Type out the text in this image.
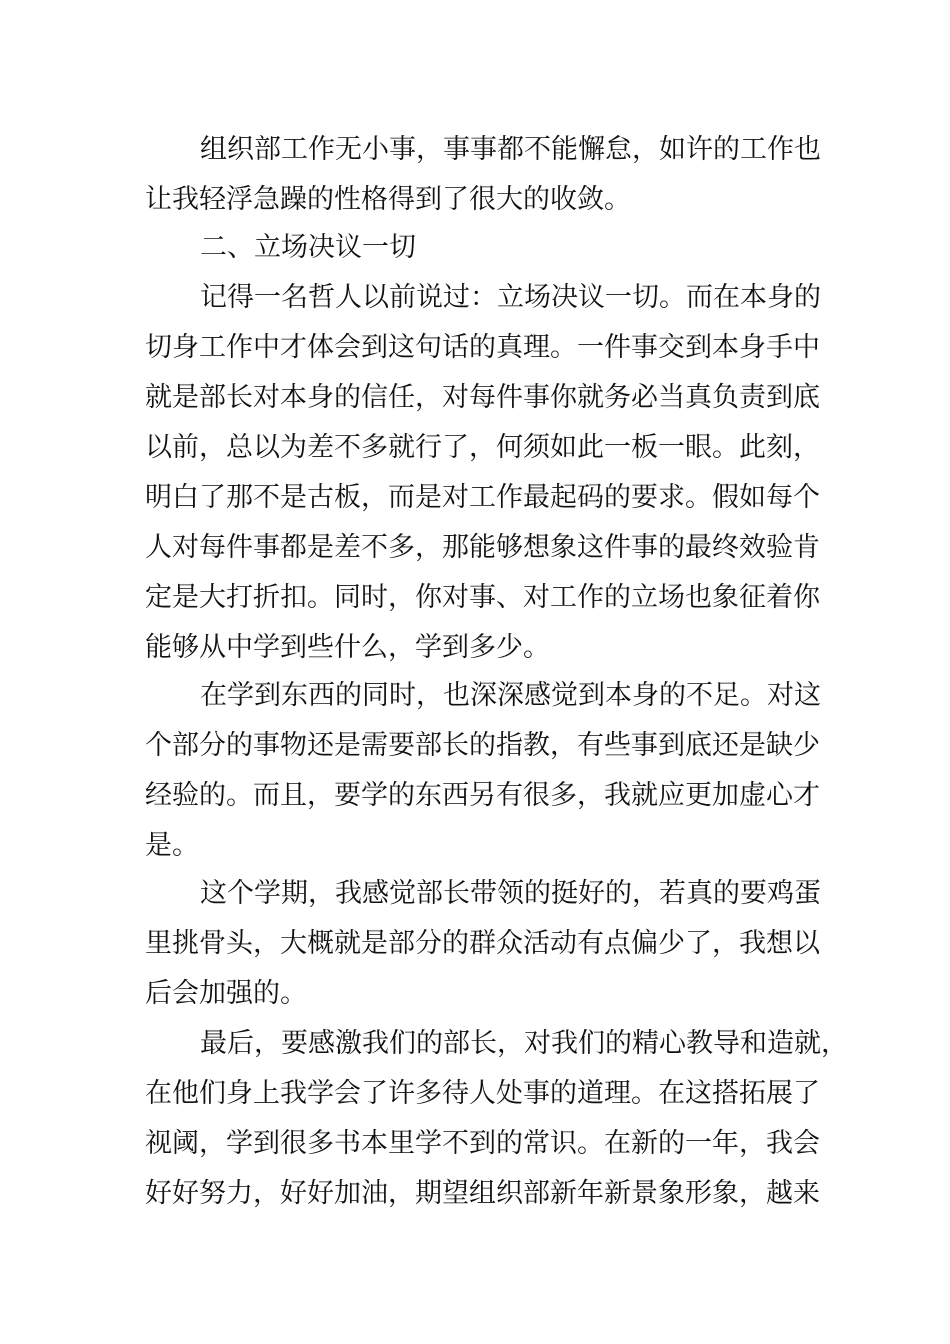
组织部工作无小事，事事都不能懈怠，如许的工作也

让我轻浮急躁的性格得到了很大的收敛。

二、立场决议一切

记得一名哲人以前说过：立场决议一切。而在本身的

切身工作中才体会到这句话的真理。一件事交到本身手中

就是部长对本身的信任，对每件事你就务必当真负责到底

以前，总以为差不多就行了，何须如此一板一眼。此刻，

明白了那不是古板，而是对工作最起码的要求。假如每个

人对每件事都是差不多，那能够想象这件事的最终效验肯

定是大打折扣。同时，你对事、对工作的立场也象征着你

能够从中学到些什么，学到多少。

在学到东西的同时，也深深感觉到本身的不足。对这

个部分的事物还是需要部长的指教，有些事到底还是缺少

经验的。而且，要学的东西另有很多，我就应更加虚心才

是。

这个学期，我感觉部长带领的挺好的，若真的要鸡蛋

里挑骨头，大概就是部分的群众活动有点偏少了，我想以

后会加强的。

最后，要感激我们的部长，对我们的精心教导和造就，

在他们身上我学会了许多待人处事的道理。在这搭拓展了

视阈，学到很多书本里学不到的常识。在新的一年，我会

好好努力，好好加油，期望组织部新年新景象形象，越来
